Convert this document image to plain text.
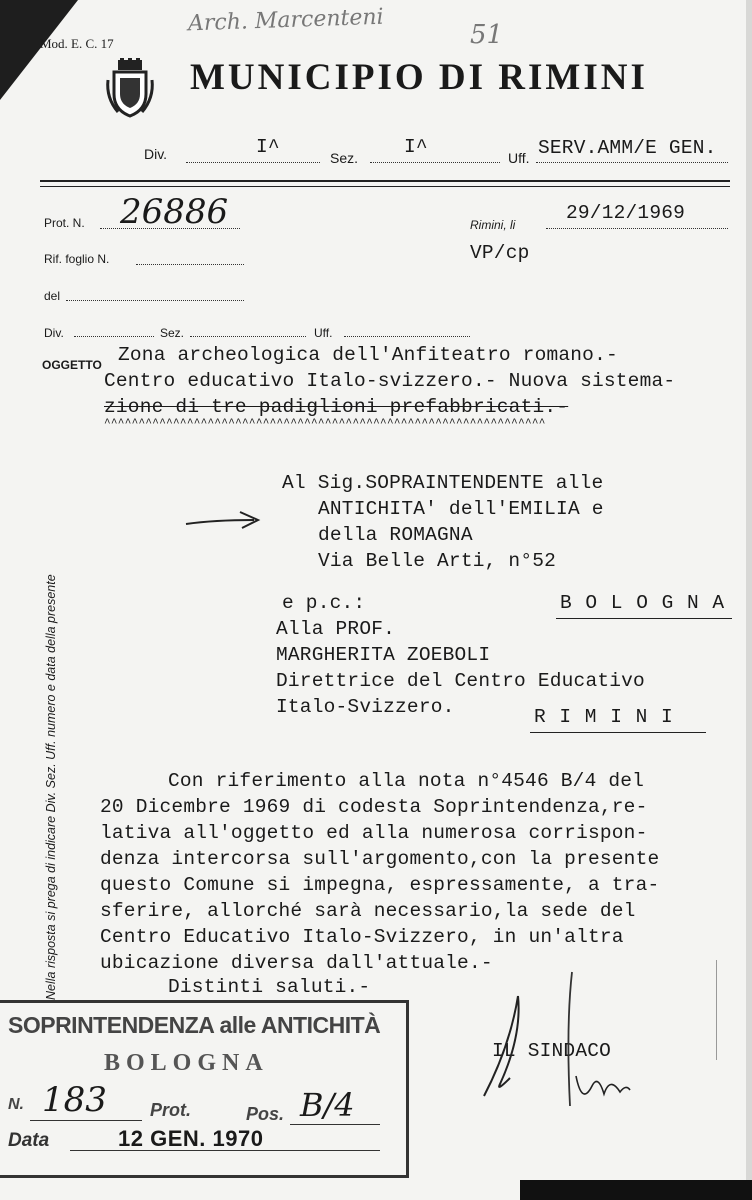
Mod. E. C. 17
Arch. Marcenteni	51
MUNICIPIO DI RIMINI
Div.	I^	Sez. I^	Uff. SERV.AMM/E GEN.
Prot. N. 26886	Rimini, li
29/12/1969
VP/cp
Rif. foglio N.
del
Div.	Sez.	Uff.
OGGETTO Zona archeologica dell'Anfiteatro romano.-
Centro educativo Italo-svizzero.- Nuova sistema-
zione di tre padiglioni prefabbricati.-
^^^^^^^^^^^^^^^^^^^^^^^^^^^^^^^^^^^^^^^^^^^^^^^^^^^^^^^^^^^^^^^^
Nella risposta si prega di indicare Div. Sez. Uff. numero e data della presente
Al Sig.SOPRAINTENDENTE alle
ANTICHITA' dell'EMILIA e
della ROMAGNA
Via Belle Arti, n°52
B O L O G N A
e p.c.:
Alla PROF.
MARGHERITA ZOEBOLI
Direttrice del Centro Educativo
Italo-Svizzero.	R I M I N I
Con riferimento alla nota n°4546 B/4 del
20 Dicembre 1969 di codesta Soprintendenza,re-
lativa all'oggetto ed alla numerosa corrispon-
denza intercorsa sull'argomento,con la presente
questo Comune si impegna, espressamente, a tra-
sferire, allorché sarà necessario,la sede del
Centro Educativo Italo-Svizzero, in un'altra
ubicazione diversa dall'attuale.-
Distinti saluti.-
IL SINDACO
SOPRINTENDENZA alle ANTICHITÀ
BOLOGNA
N. 183 Prot.	Pos. B/4
Data	12 GEN. 1970
